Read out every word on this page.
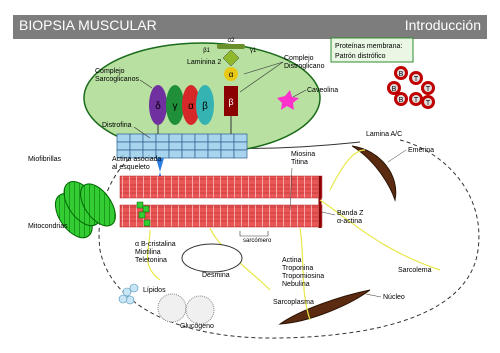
BIOPSIA MUSCULAR	Introducción
δ γ α β β
α
σ2
β1	γ1
Laminina 2
Complejo Distroglicano
Complejo Sarcoglicanos
Caveolina
Distrofina
Proteínas membrana:
Patrón distrófico
B
T
B	T
B T T
Lípidos
Glucógeno
Miofibrillas
Mitocondrias
Actina asociada al esqueleto
Miosina Titina
Lamina A/C
Emerina
Banda Z α-actina
sarcómero
α B-cristalina Miotilina Teletonina
Desmina
Actina Troponina Tropomiosina Nebulina
Sarcolema
Núcleo
Sarcoplasma
